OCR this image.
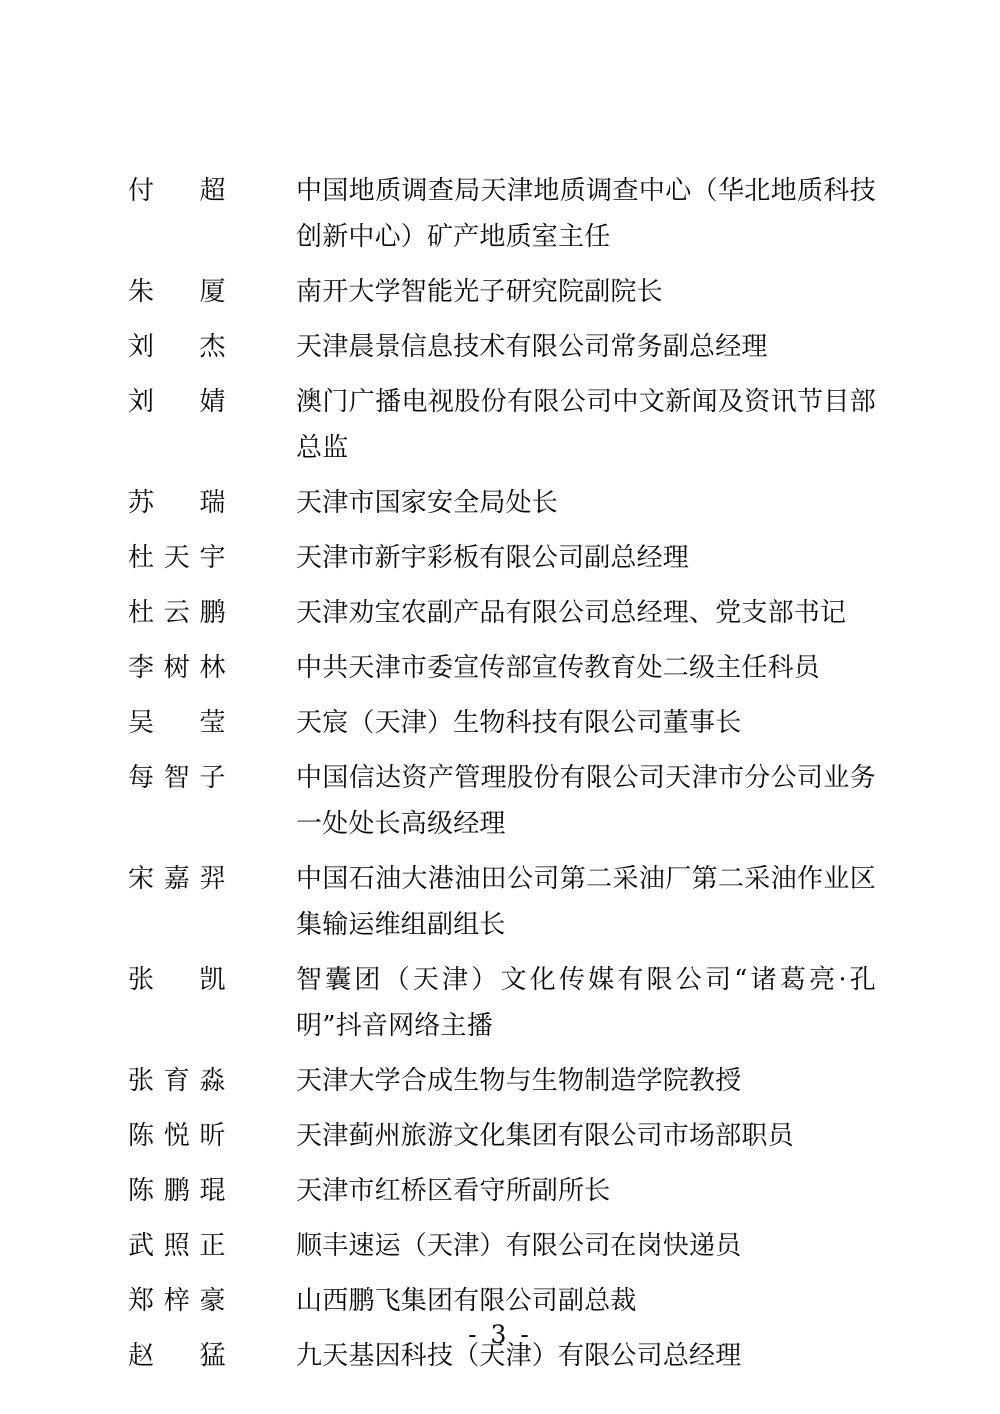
付 超	中国地质调查局天津地质调查中心（华北地质科技创新中心）矿产地质室主任
朱 厦	南开大学智能光子研究院副院长
刘 杰	天津晨景信息技术有限公司常务副总经理
刘 婧	澳门广播电视股份有限公司中文新闻及资讯节目部总监
苏 瑞	天津市国家安全局处长
杜天宇	天津市新宇彩板有限公司副总经理
杜云鹏	天津劝宝农副产品有限公司总经理、党支部书记
李树林	中共天津市委宣传部宣传教育处二级主任科员
吴 莹	天宸（天津）生物科技有限公司董事长
每智子	中国信达资产管理股份有限公司天津市分公司业务一处处长高级经理
宋嘉羿	中国石油大港油田公司第二采油厂第二采油作业区集输运维组副组长
张 凯	智囊团（天津）文化传媒有限公司“诸葛亮·孔明”抖音网络主播
张育淼	天津大学合成生物与生物制造学院教授
陈悦昕	天津蓟州旅游文化集团有限公司市场部职员
陈鹏琨	天津市红桥区看守所副所长
武照正	顺丰速运（天津）有限公司在岗快递员
郑梓豪	山西鹏飞集团有限公司副总裁
赵 猛	九天基因科技（天津）有限公司总经理
- 3 -
